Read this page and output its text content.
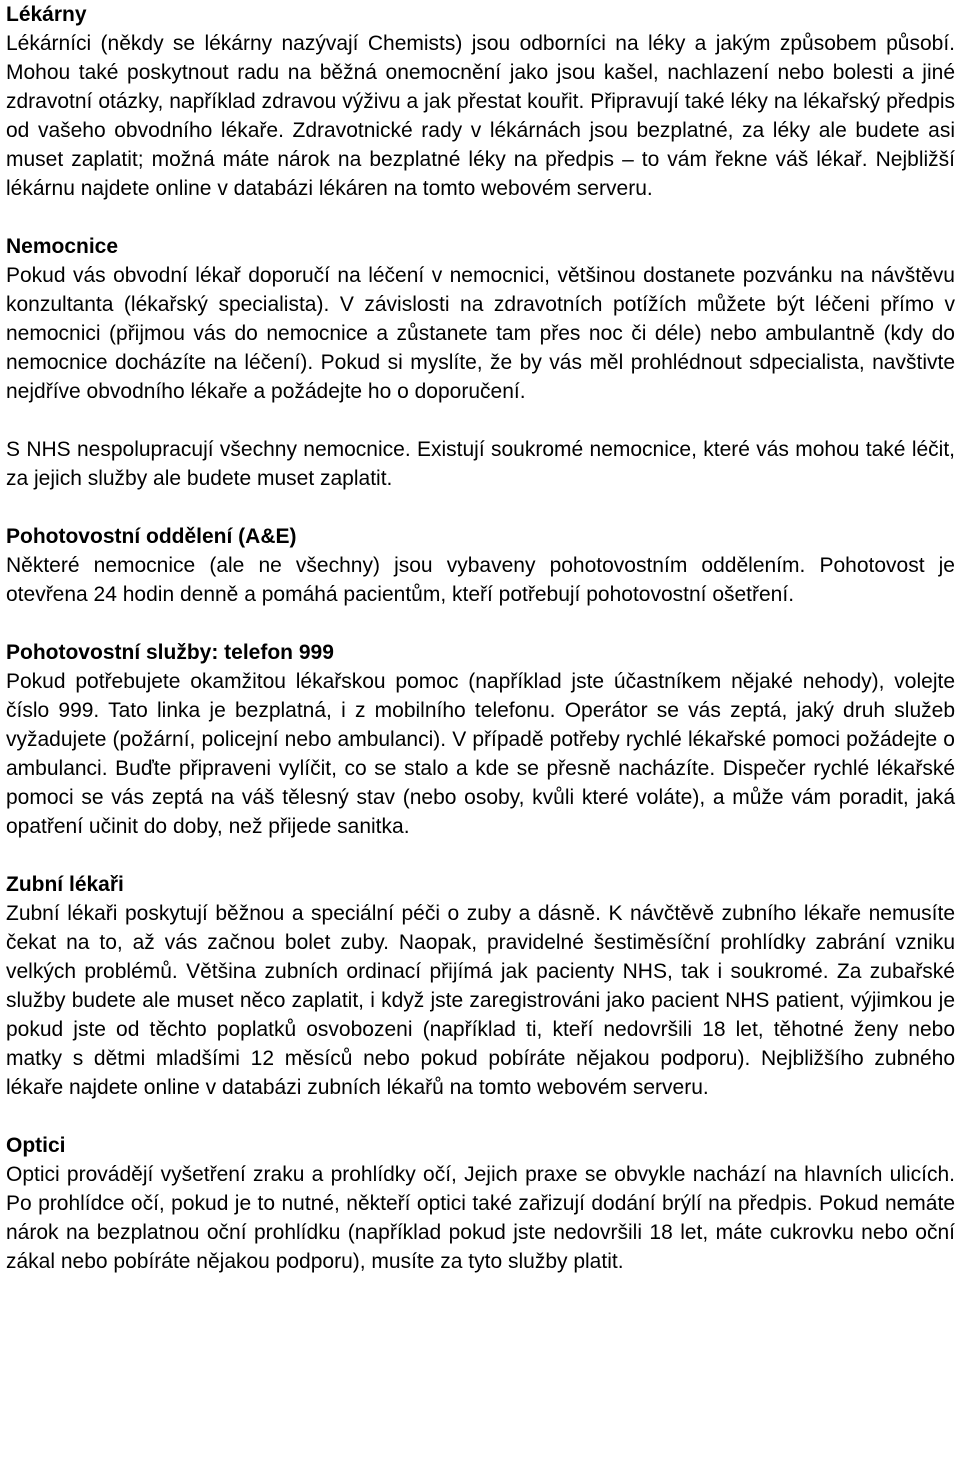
Lékárny

Lékárníci (někdy se lékárny nazývají Chemists) jsou odborníci na léky a jakým způsobem působí. Mohou také poskytnout radu na běžná onemocnění jako jsou kašel, nachlazení nebo bolesti a jiné zdravotní otázky, například zdravou výživu a jak přestat kouřit. Připravují také léky na lékařský předpis od vašeho obvodního lékaře. Zdravotnické rady v lékárnách jsou bezplatné, za léky ale budete asi muset zaplatit; možná máte nárok na bezplatné léky na předpis – to vám řekne váš lékař. Nejbližší lékárnu najdete online v databázi lékáren na tomto webovém serveru.

Nemocnice

Pokud vás obvodní lékař doporučí na léčení v nemocnici, většinou dostanete pozvánku na návštěvu konzultanta (lékařský specialista). V závislosti na zdravotních potížích můžete být léčeni přímo v nemocnici (přijmou vás do nemocnice a zůstanete tam přes noc či déle) nebo ambulantně (kdy do nemocnice docházíte na léčení). Pokud si myslíte, že by vás měl prohlédnout sdpecialista, navštivte nejdříve obvodního lékaře a požádejte ho o doporučení.

S NHS nespolupracují všechny nemocnice. Existují soukromé nemocnice, které vás mohou také léčit, za jejich služby ale budete muset zaplatit.

Pohotovostní oddělení (A&E)

Některé nemocnice (ale ne všechny) jsou vybaveny pohotovostním oddělením. Pohotovost je otevřena 24 hodin denně a pomáhá pacientům, kteří potřebují pohotovostní ošetření.

Pohotovostní služby: telefon 999

Pokud potřebujete okamžitou lékařskou pomoc (například jste účastníkem nějaké nehody), volejte číslo 999. Tato linka je bezplatná, i z mobilního telefonu. Operátor se vás zeptá, jaký druh služeb vyžadujete (požární, policejní nebo ambulanci). V případě potřeby rychlé lékařské pomoci požádejte o ambulanci. Buďte připraveni vylíčit, co se stalo a kde se přesně nacházíte. Dispečer rychlé lékařské pomoci se vás zeptá na váš tělesný stav (nebo osoby, kvůli které voláte), a může vám poradit, jaká opatření učinit do doby, než přijede sanitka.

Zubní lékaři

Zubní lékaři poskytují běžnou a speciální péči o zuby a dásně. K návčtěvě zubního lékaře nemusíte čekat na to, až vás začnou bolet zuby. Naopak, pravidelné šestiměsíční prohlídky zabrání vzniku velkých problémů. Většina zubních ordinací přijímá jak pacienty NHS, tak i soukromé. Za zubařské služby budete ale muset něco zaplatit, i když jste zaregistrováni jako pacient NHS patient, výjimkou je pokud jste od těchto poplatků osvobozeni (například ti, kteří nedovršili 18 let, těhotné ženy nebo matky s dětmi mladšími 12 měsíců nebo pokud pobíráte nějakou podporu). Nejbližšího zubného lékaře najdete online v databázi zubních lékařů na tomto webovém serveru.

Optici

Optici provádějí vyšetření zraku a prohlídky očí, Jejich praxe se obvykle nachází na hlavních ulicích. Po prohlídce očí, pokud je to nutné, někteří optici také zařizují dodání brýlí na předpis. Pokud nemáte nárok na bezplatnou oční prohlídku (například pokud jste nedovršili 18 let, máte cukrovku nebo oční zákal nebo pobíráte nějakou podporu), musíte za tyto služby platit.
